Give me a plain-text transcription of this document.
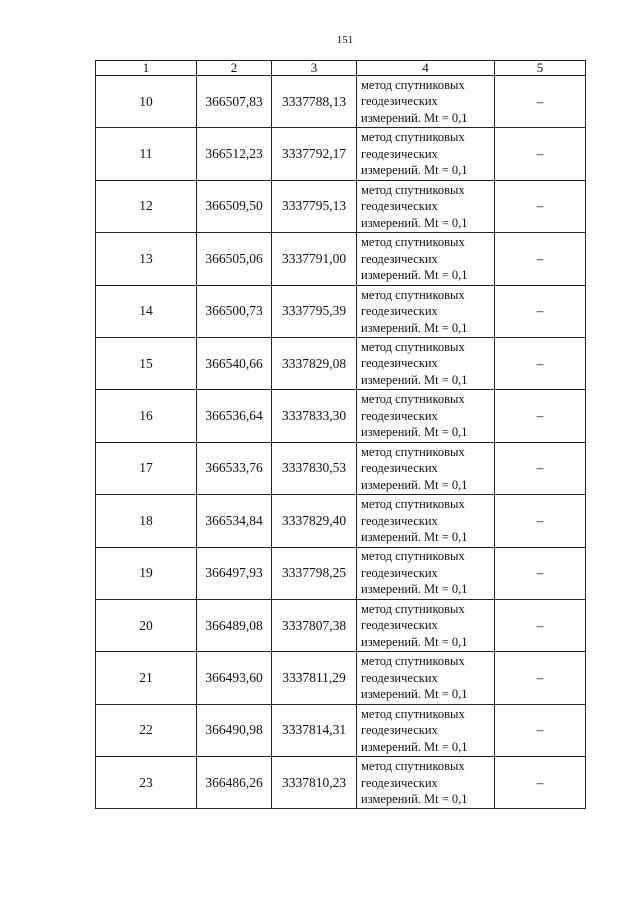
151
1	2	3	4	5
10	366507,83	3337788,13	метод спутниковых
геодезических
измерений. Mt = 0,1	–
11	366512,23	3337792,17	метод спутниковых
геодезических
измерений. Mt = 0,1	–
12	366509,50	3337795,13	метод спутниковых
геодезических
измерений. Mt = 0,1	–
13	366505,06	3337791,00	метод спутниковых
геодезических
измерений. Mt = 0,1	–
14	366500,73	3337795,39	метод спутниковых
геодезических
измерений. Mt = 0,1	–
15	366540,66	3337829,08	метод спутниковых
геодезических
измерений. Mt = 0,1	–
16	366536,64	3337833,30	метод спутниковых
геодезических
измерений. Mt = 0,1	–
17	366533,76	3337830,53	метод спутниковых
геодезических
измерений. Mt = 0,1	–
18	366534,84	3337829,40	метод спутниковых
геодезических
измерений. Mt = 0,1	–
19	366497,93	3337798,25	метод спутниковых
геодезических
измерений. Mt = 0,1	–
20	366489,08	3337807,38	метод спутниковых
геодезических
измерений. Mt = 0,1	–
21	366493,60	3337811,29	метод спутниковых
геодезических
измерений. Mt = 0,1	–
22	366490,98	3337814,31	метод спутниковых
геодезических
измерений. Mt = 0,1	–
23	366486,26	3337810,23	метод спутниковых
геодезических
измерений. Mt = 0,1	–
